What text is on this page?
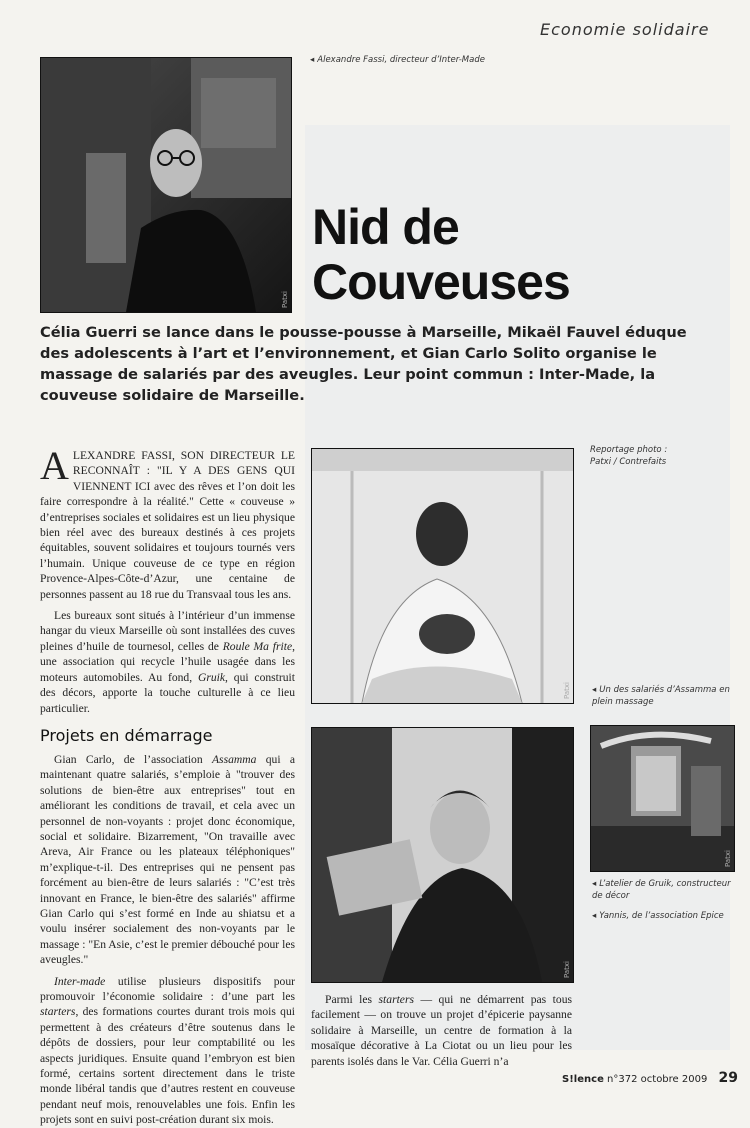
Economie solidaire
Patxi
◂ Alexandre Fassi, directeur d’Inter-Made
Nid de
Couveuses
Célia Guerri se lance dans le pousse-pousse à Marseille, Mikaël Fauvel éduque des adolescents à l’art et l’environnement, et Gian Carlo Solito organise le massage de salariés par des aveugles. Leur point commun : Inter-Made, la couveuse solidaire de Marseille.

ALEXANDRE FASSI, SON DIRECTEUR LE RECONNAÎT : "IL Y A DES GENS QUI VIENNENT ICI avec des rêves et l’on doit les faire correspondre à la réalité." Cette « couveuse » d’entreprises sociales et solidaires est un lieu physique bien réel avec des bureaux destinés à ces projets équitables, souvent solidaires et toujours tournés vers l’humain. Unique couveuse de ce type en région Provence-Alpes-Côte-d’Azur, une centaine de personnes passent au 18 rue du Transvaal tous les ans.

Les bureaux sont situés à l’intérieur d’un immense hangar du vieux Marseille où sont installées des cuves pleines d’huile de tournesol, celles de Roule Ma frite, une association qui recycle l’huile usagée dans les moteurs automobiles. Au fond, Gruik, qui construit des décors, apporte la touche culturelle à ce lieu particulier.

Projets en démarrage

Gian Carlo, de l’association Assamma qui a maintenant quatre salariés, s’emploie à "trouver des solutions de bien-être aux entreprises" tout en améliorant les conditions de travail, et cela avec un personnel de non-voyants : projet donc économique, social et solidaire. Bizarrement, "On travaille avec Areva, Air France ou les plateaux téléphoniques" m’explique-t-il. Des entreprises qui ne pensent pas forcément au bien-être de leurs salariés : "C’est très innovant en France, le bien-être des salariés" affirme Gian Carlo qui s’est formé en Inde au shiatsu et a voulu insérer socialement des non-voyants par le massage : "En Asie, c’est le premier débouché pour les aveugles."

Inter-made utilise plusieurs dispositifs pour promouvoir l’économie solidaire : d’une part les starters, des formations courtes durant trois mois qui permettent à des créateurs d’être soutenus dans le dépôts de dossiers, pour leur comptabilité ou les aspects juridiques. Ensuite quand l’embryon est bien formé, certains sortent directement dans le triste monde libéral tandis que d’autres restent en couveuse pendant neuf mois, renouvelables une fois. Enfin les projets sont en suivi post-création durant six mois.

Patxi
Reportage photo :
Patxi / Contrefaits
◂ Un des salariés d’Assamma en plein massage
Patxi
◂ L’atelier de Gruik, constructeur de décor
◂ Yannis, de l’association Epice
Patxi

Parmi les starters — qui ne démarrent pas tous facilement — on trouve un projet d’épicerie paysanne solidaire à Marseille, un centre de formation à la mosaïque décorative à La Ciotat ou un lieu pour les parents isolés dans le Var. Célia Guerri n’a

S!lence n°372 octobre 2009 29
